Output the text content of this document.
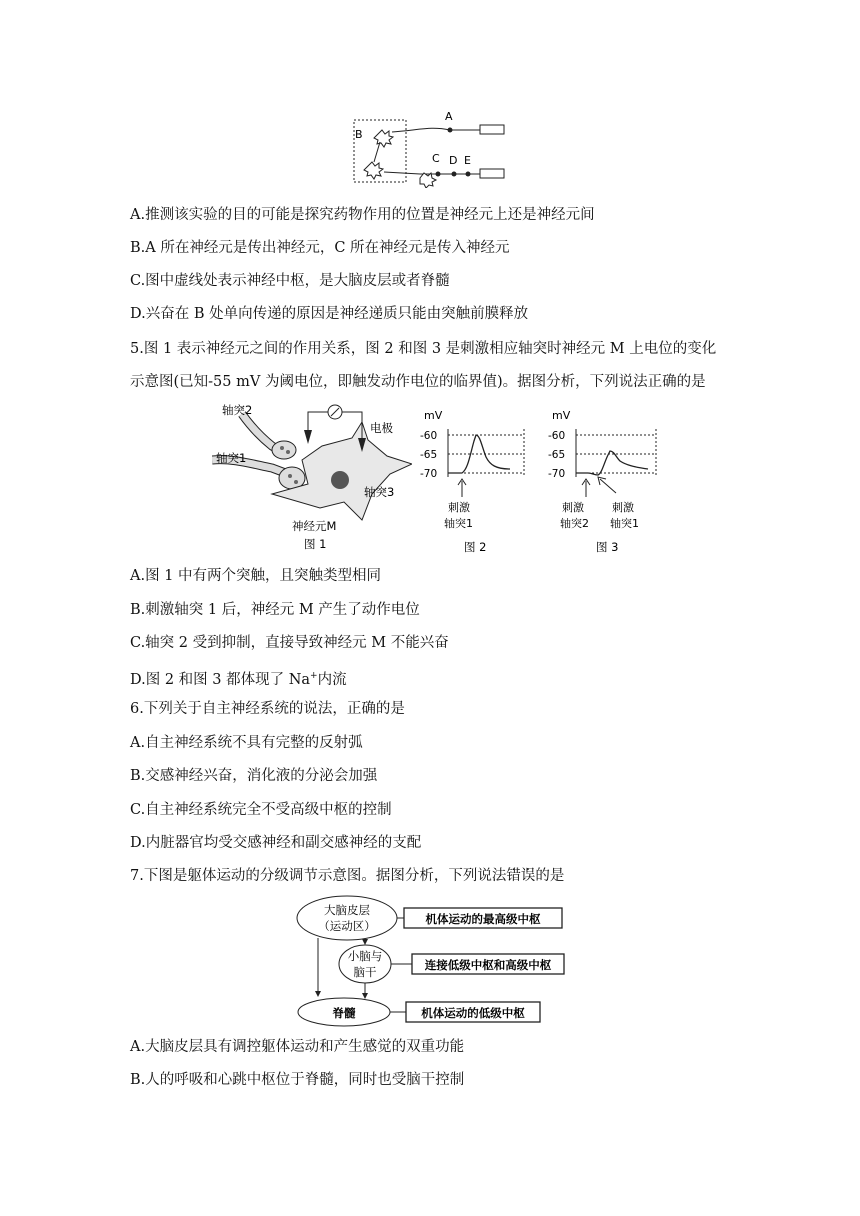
B
A
C D E
A.推测该实验的目的可能是探究药物作用的位置是神经元上还是神经元间
B.A 所在神经元是传出神经元，C 所在神经元是传入神经元
C.图中虚线处表示神经中枢，是大脑皮层或者脊髓
D.兴奋在 B 处单向传递的原因是神经递质只能由突触前膜释放
5.图 1 表示神经元之间的作用关系，图 2 和图 3 是刺激相应轴突时神经元 M 上电位的变化
示意图(已知-55 mV 为阈电位，即触发动作电位的临界值)。据图分析，下列说法正确的是
轴突2
轴突1
电极
轴突3
神经元M
图 1
mV
-60
-65
-70
刺激
轴突1
图 2
mV
-60
-65
-70
刺激
轴突2
刺激
轴突1
图 3
A.图 1 中有两个突触，且突触类型相同
B.刺激轴突 1 后，神经元 M 产生了动作电位
C.轴突 2 受到抑制，直接导致神经元 M 不能兴奋
D.图 2 和图 3 都体现了 Na+内流
6.下列关于自主神经系统的说法，正确的是
A.自主神经系统不具有完整的反射弧
B.交感神经兴奋，消化液的分泌会加强
C.自主神经系统完全不受高级中枢的控制
D.内脏器官均受交感神经和副交感神经的支配
7.下图是躯体运动的分级调节示意图。据图分析，下列说法错误的是
大脑皮层
（运动区）
小脑与
脑干
脊髓
机体运动的最高级中枢
连接低级中枢和高级中枢
机体运动的低级中枢
A.大脑皮层具有调控躯体运动和产生感觉的双重功能
B.人的呼吸和心跳中枢位于脊髓，同时也受脑干控制
